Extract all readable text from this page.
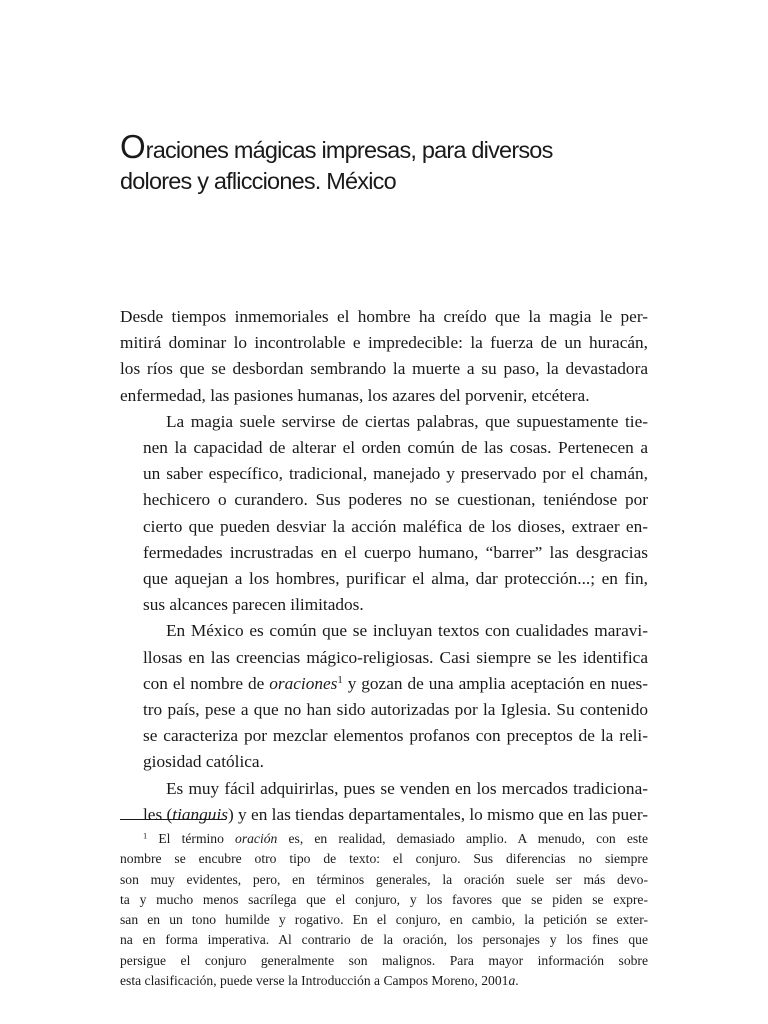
Oraciones mágicas impresas, para diversos
dolores y aflicciones. México

Desde tiempos inmemoriales el hombre ha creído que la magia le per-
mitirá dominar lo incontrolable e impredecible: la fuerza de un huracán,
los ríos que se desbordan sembrando la muerte a su paso, la devastadora
enfermedad, las pasiones humanas, los azares del porvenir, etcétera.

La magia suele servirse de ciertas palabras, que supuestamente tie-
nen la capacidad de alterar el orden común de las cosas. Pertenecen a
un saber específico, tradicional, manejado y preservado por el chamán,
hechicero o curandero. Sus poderes no se cuestionan, teniéndose por
cierto que pueden desviar la acción maléfica de los dioses, extraer en-
fermedades incrustradas en el cuerpo humano, “barrer” las desgracias
que aquejan a los hombres, purificar el alma, dar protección...; en fin,
sus alcances parecen ilimitados.

En México es común que se incluyan textos con cualidades maravi-
llosas en las creencias mágico-religiosas. Casi siempre se les identifica
con el nombre de oraciones$^1$ y gozan de una amplia aceptación en nues-
tro país, pese a que no han sido autorizadas por la Iglesia. Su contenido
se caracteriza por mezclar elementos profanos con preceptos de la reli-
giosidad católica.

Es muy fácil adquirirlas, pues se venden en los mercados tradiciona-
les (tianguis) y en las tiendas departamentales, lo mismo que en las puer-

$^1$ El término oración es, en realidad, demasiado amplio. A menudo, con este
nombre se encubre otro tipo de texto: el conjuro. Sus diferencias no siempre
son muy evidentes, pero, en términos generales, la oración suele ser más devo-
ta y mucho menos sacrílega que el conjuro, y los favores que se piden se expre-
san en un tono humilde y rogativo. En el conjuro, en cambio, la petición se exter-
na en forma imperativa. Al contrario de la oración, los personajes y los fines que
persigue el conjuro generalmente son malignos. Para mayor información sobre
esta clasificación, puede verse la Introducción a Campos Moreno, 2001a.
